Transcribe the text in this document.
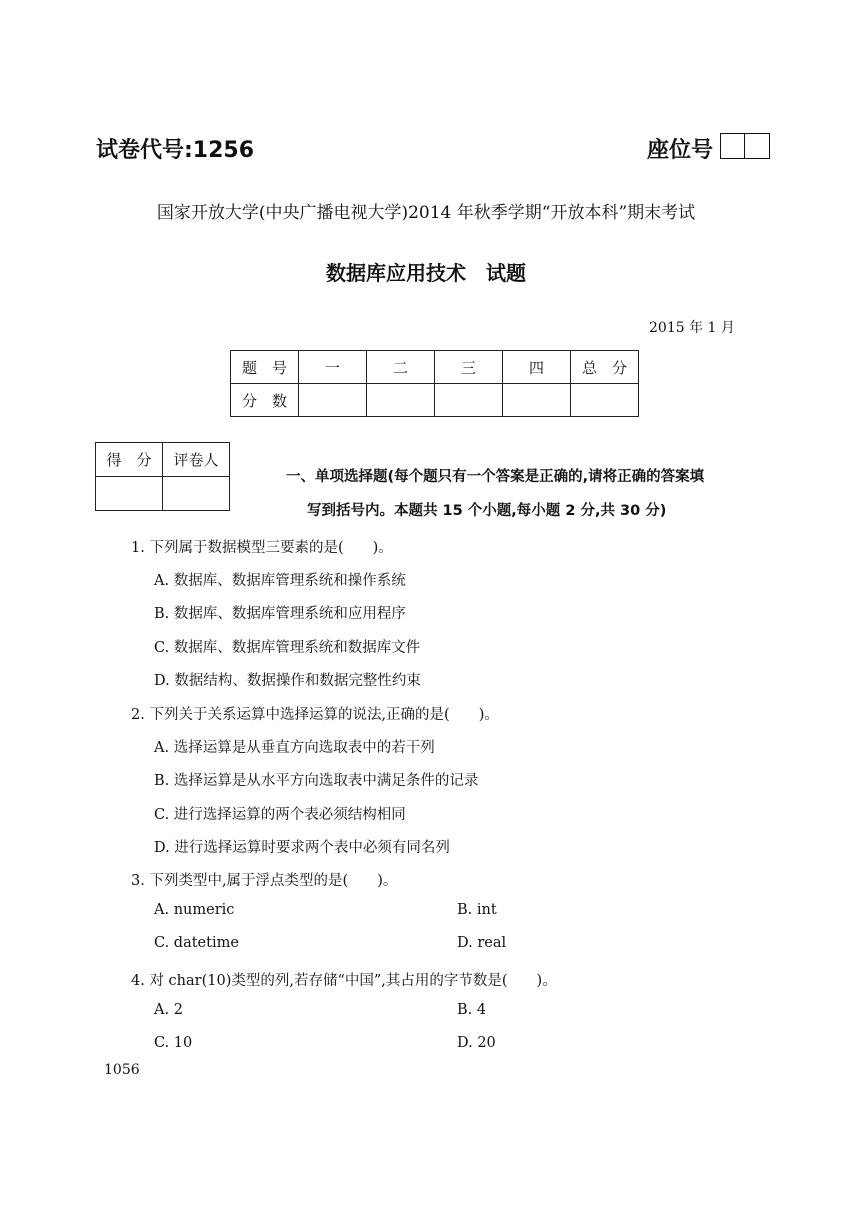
试卷代号:1256	座位号
国家开放大学(中央广播电视大学)2014 年秋季学期“开放本科”期末考试
数据库应用技术　试题
2015 年 1 月
题　号	一	二	三	四	总　分
分　数					
得　分	评卷人

一、单项选择题(每个题只有一个答案是正确的,请将正确的答案填
写到括号内。本题共 15 个小题,每小题 2 分,共 30 分)
1. 下列属于数据模型三要素的是(　　)。
A. 数据库、数据库管理系统和操作系统
B. 数据库、数据库管理系统和应用程序
C. 数据库、数据库管理系统和数据库文件
D. 数据结构、数据操作和数据完整性约束
2. 下列关于关系运算中选择运算的说法,正确的是(　　)。
A. 选择运算是从垂直方向选取表中的若干列
B. 选择运算是从水平方向选取表中满足条件的记录
C. 进行选择运算的两个表必须结构相同
D. 进行选择运算时要求两个表中必须有同名列
3. 下列类型中,属于浮点类型的是(　　)。
A. numeric	B. int
C. datetime	D. real
4. 对 char(10)类型的列,若存储“中国”,其占用的字节数是(　　)。
A. 2	B. 4
C. 10	D. 20
1056
